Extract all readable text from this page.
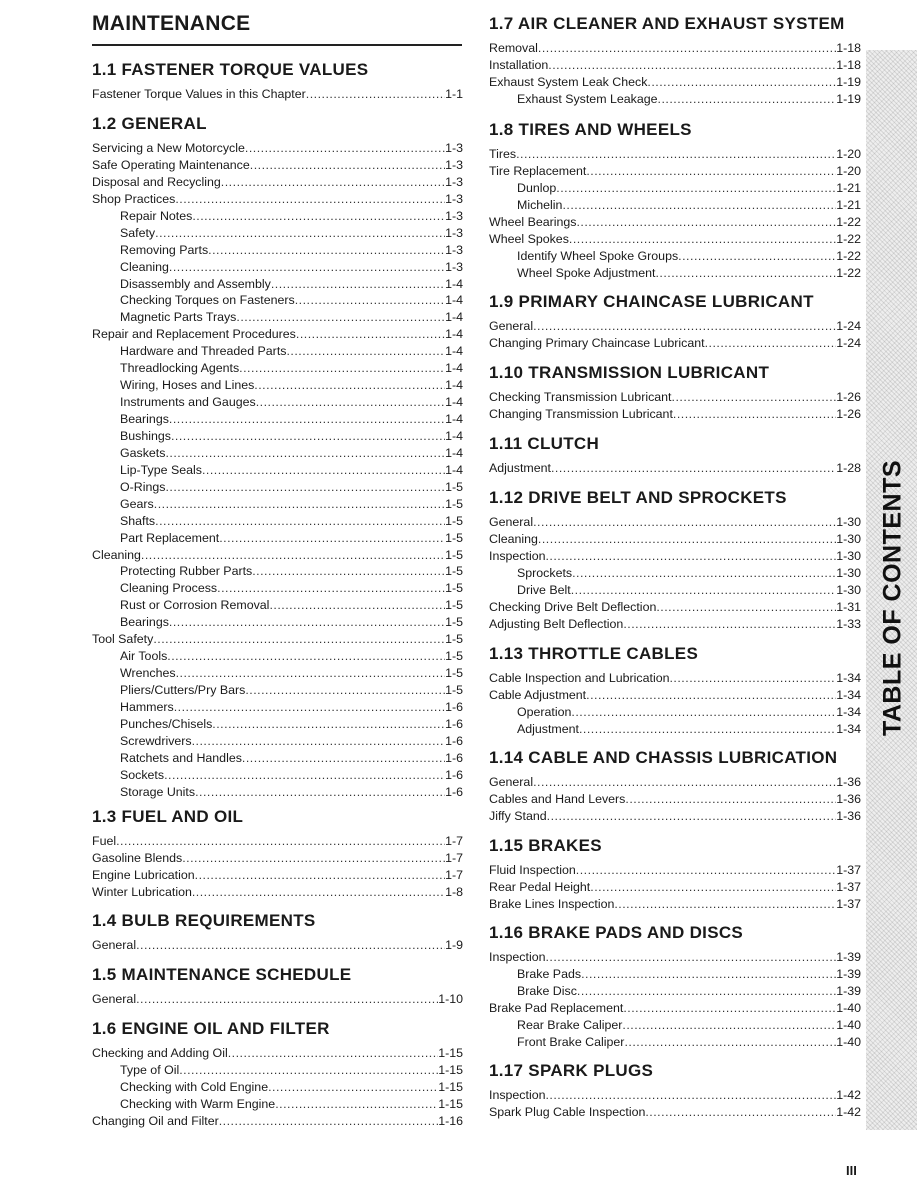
MAINTENANCE
1.1 FASTENER TORQUE VALUES
Fastener Torque Values in this Chapter .....	1-1
1.2 GENERAL
Servicing a New Motorcycle .....	1-3
Safe Operating Maintenance .....	1-3
Disposal and Recycling .....	1-3
Shop Practices .....	1-3
Repair Notes .....	1-3
Safety .....	1-3
Removing Parts .....	1-3
Cleaning .....	1-3
Disassembly and Assembly .....	1-4
Checking Torques on Fasteners .....	1-4
Magnetic Parts Trays .....	1-4
Repair and Replacement Procedures .....	1-4
Hardware and Threaded Parts .....	1-4
Threadlocking Agents .....	1-4
Wiring, Hoses and Lines .....	1-4
Instruments and Gauges .....	1-4
Bearings .....	1-4
Bushings .....	1-4
Gaskets .....	1-4
Lip-Type Seals .....	1-4
O-Rings .....	1-5
Gears .....	1-5
Shafts .....	1-5
Part Replacement .....	1-5
Cleaning .....	1-5
Protecting Rubber Parts .....	1-5
Cleaning Process .....	1-5
Rust or Corrosion Removal .....	1-5
Bearings .....	1-5
Tool Safety .....	1-5
Air Tools .....	1-5
Wrenches .....	1-5
Pliers/Cutters/Pry Bars .....	1-5
Hammers .....	1-6
Punches/Chisels .....	1-6
Screwdrivers .....	1-6
Ratchets and Handles .....	1-6
Sockets .....	1-6
Storage Units .....	1-6
1.3 FUEL AND OIL
Fuel .....	1-7
Gasoline Blends .....	1-7
Engine Lubrication .....	1-7
Winter Lubrication .....	1-8
1.4 BULB REQUIREMENTS
General .....	1-9
1.5 MAINTENANCE SCHEDULE
General .....	1-10
1.6 ENGINE OIL AND FILTER
Checking and Adding Oil .....	1-15
Type of Oil .....	1-15
Checking with Cold Engine .....	1-15
Checking with Warm Engine .....	1-15
Changing Oil and Filter .....	1-16
1.7 AIR CLEANER AND EXHAUST SYSTEM
Removal .....	1-18
Installation .....	1-18
Exhaust System Leak Check .....	1-19
Exhaust System Leakage .....	1-19
1.8 TIRES AND WHEELS
Tires .....	1-20
Tire Replacement .....	1-20
Dunlop .....	1-21
Michelin .....	1-21
Wheel Bearings .....	1-22
Wheel Spokes .....	1-22
Identify Wheel Spoke Groups .....	1-22
Wheel Spoke Adjustment .....	1-22
1.9 PRIMARY CHAINCASE LUBRICANT
General .....	1-24
Changing Primary Chaincase Lubricant .....	1-24
1.10 TRANSMISSION LUBRICANT
Checking Transmission Lubricant .....	1-26
Changing Transmission Lubricant .....	1-26
1.11 CLUTCH
Adjustment .....	1-28
1.12 DRIVE BELT AND SPROCKETS
General .....	1-30
Cleaning .....	1-30
Inspection .....	1-30
Sprockets .....	1-30
Drive Belt .....	1-30
Checking Drive Belt Deflection .....	1-31
Adjusting Belt Deflection .....	1-33
1.13 THROTTLE CABLES
Cable Inspection and Lubrication .....	1-34
Cable Adjustment .....	1-34
Operation .....	1-34
Adjustment .....	1-34
1.14 CABLE AND CHASSIS LUBRICATION
General .....	1-36
Cables and Hand Levers .....	1-36
Jiffy Stand .....	1-36
1.15 BRAKES
Fluid Inspection .....	1-37
Rear Pedal Height .....	1-37
Brake Lines Inspection .....	1-37
1.16 BRAKE PADS AND DISCS
Inspection .....	1-39
Brake Pads .....	1-39
Brake Disc .....	1-39
Brake Pad Replacement .....	1-40
Rear Brake Caliper .....	1-40
Front Brake Caliper .....	1-40
1.17 SPARK PLUGS
Inspection .....	1-42
Spark Plug Cable Inspection .....	1-42
TABLE OF CONTENTS
III
